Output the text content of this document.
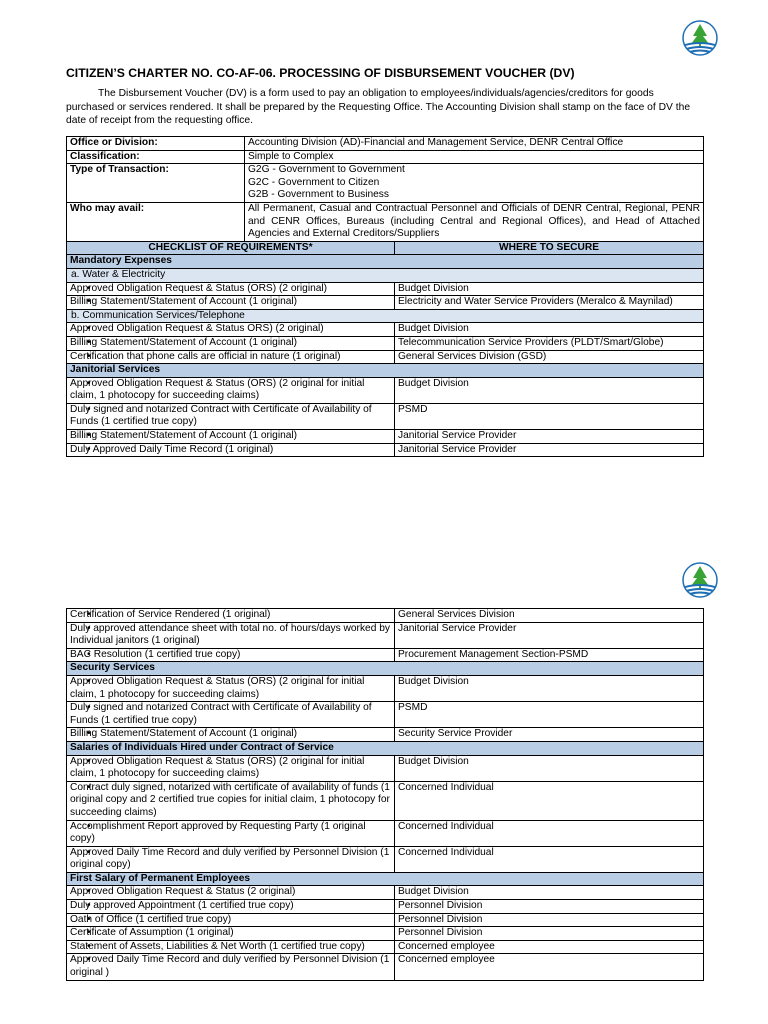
CITIZEN’S CHARTER NO. CO-AF-06. PROCESSING OF DISBURSEMENT VOUCHER (DV)

The Disbursement Voucher (DV) is a form used to pay an obligation to employees/individuals/agencies/creditors for goods purchased or services rendered. It shall be prepared by the Requesting Office. The Accounting Division shall stamp on the face of DV the date of receipt from the requesting office.

Office or Division:	Accounting Division (AD)-Financial and Management Service, DENR Central Office	
Classification:	Simple to Complex	
Type of Transaction:	G2G - Government to Government
G2C - Government to Citizen
G2B - Government to Business	

Who may avail:	All Permanent, Casual and Contractual Personnel and Officials of DENR Central, Regional, PENR and CENR Offices, Bureaus (including Central and Regional Offices), and Head of Attached Agencies and External Creditors/Suppliers	
CHECKLIST OF REQUIREMENTS*		WHERE TO SECURE
Mandatory Expenses		
a. Water & Electricity		
• Approved Obligation Request & Status (ORS) (2 original)		Budget Division
• Billing Statement/Statement of Account (1 original)		Electricity and Water Service Providers (Meralco & Maynilad)
b. Communication Services/Telephone		
• Approved Obligation Request & Status ORS) (2 original)		Budget Division
• Billing Statement/Statement of Account (1 original)		Telecommunication Service Providers (PLDT/Smart/Globe)
• Certification that phone calls are official in nature (1 original)		General Services Division (GSD)
Janitorial Services		
• Approved Obligation Request & Status (ORS) (2 original for initial claim, 1 photocopy for succeeding claims)		Budget Division
• Duly signed and notarized Contract with Certificate of Availability of Funds (1 certified true copy)		PSMD
• Billing Statement/Statement of Account (1 original)		Janitorial Service Provider
• Duly Approved Daily Time Record (1 original)		Janitorial Service Provider
• Certification of Service Rendered (1 original)	General Services Division
• Duly approved attendance sheet with total no. of hours/days worked by Individual janitors (1 original)	Janitorial Service Provider
• BAC Resolution (1 certified true copy)	Procurement Management Section-PSMD
Security Services	
• Approved Obligation Request & Status (ORS) (2 original for initial claim, 1 photocopy for succeeding claims)	Budget Division
• Duly signed and notarized Contract with Certificate of Availability of Funds (1 certified true copy)	PSMD
• Billing Statement/Statement of Account (1 original)	Security Service Provider
Salaries of Individuals Hired under Contract of Service	
• Approved Obligation Request & Status (ORS) (2 original for initial claim, 1 photocopy for succeeding claims)	Budget Division
• Contract duly signed, notarized with certificate of availability of funds (1 original copy and 2 certified true copies for initial claim, 1 photocopy for succeeding claims)	Concerned Individual
• Accomplishment Report approved by Requesting Party (1 original copy)	Concerned Individual
• Approved Daily Time Record and duly verified by Personnel Division (1 original copy)	Concerned Individual
First Salary of Permanent Employees	
• Approved Obligation Request & Status (2 original)	Budget Division
• Duly approved Appointment (1 certified true copy)	Personnel Division
• Oath of Office (1 certified true copy)	Personnel Division
• Certificate of Assumption (1 original)	Personnel Division
• Statement of Assets, Liabilities & Net Worth (1 certified true copy)	Concerned employee
• Approved Daily Time Record and duly verified by Personnel Division (1 original )	Concerned employee
